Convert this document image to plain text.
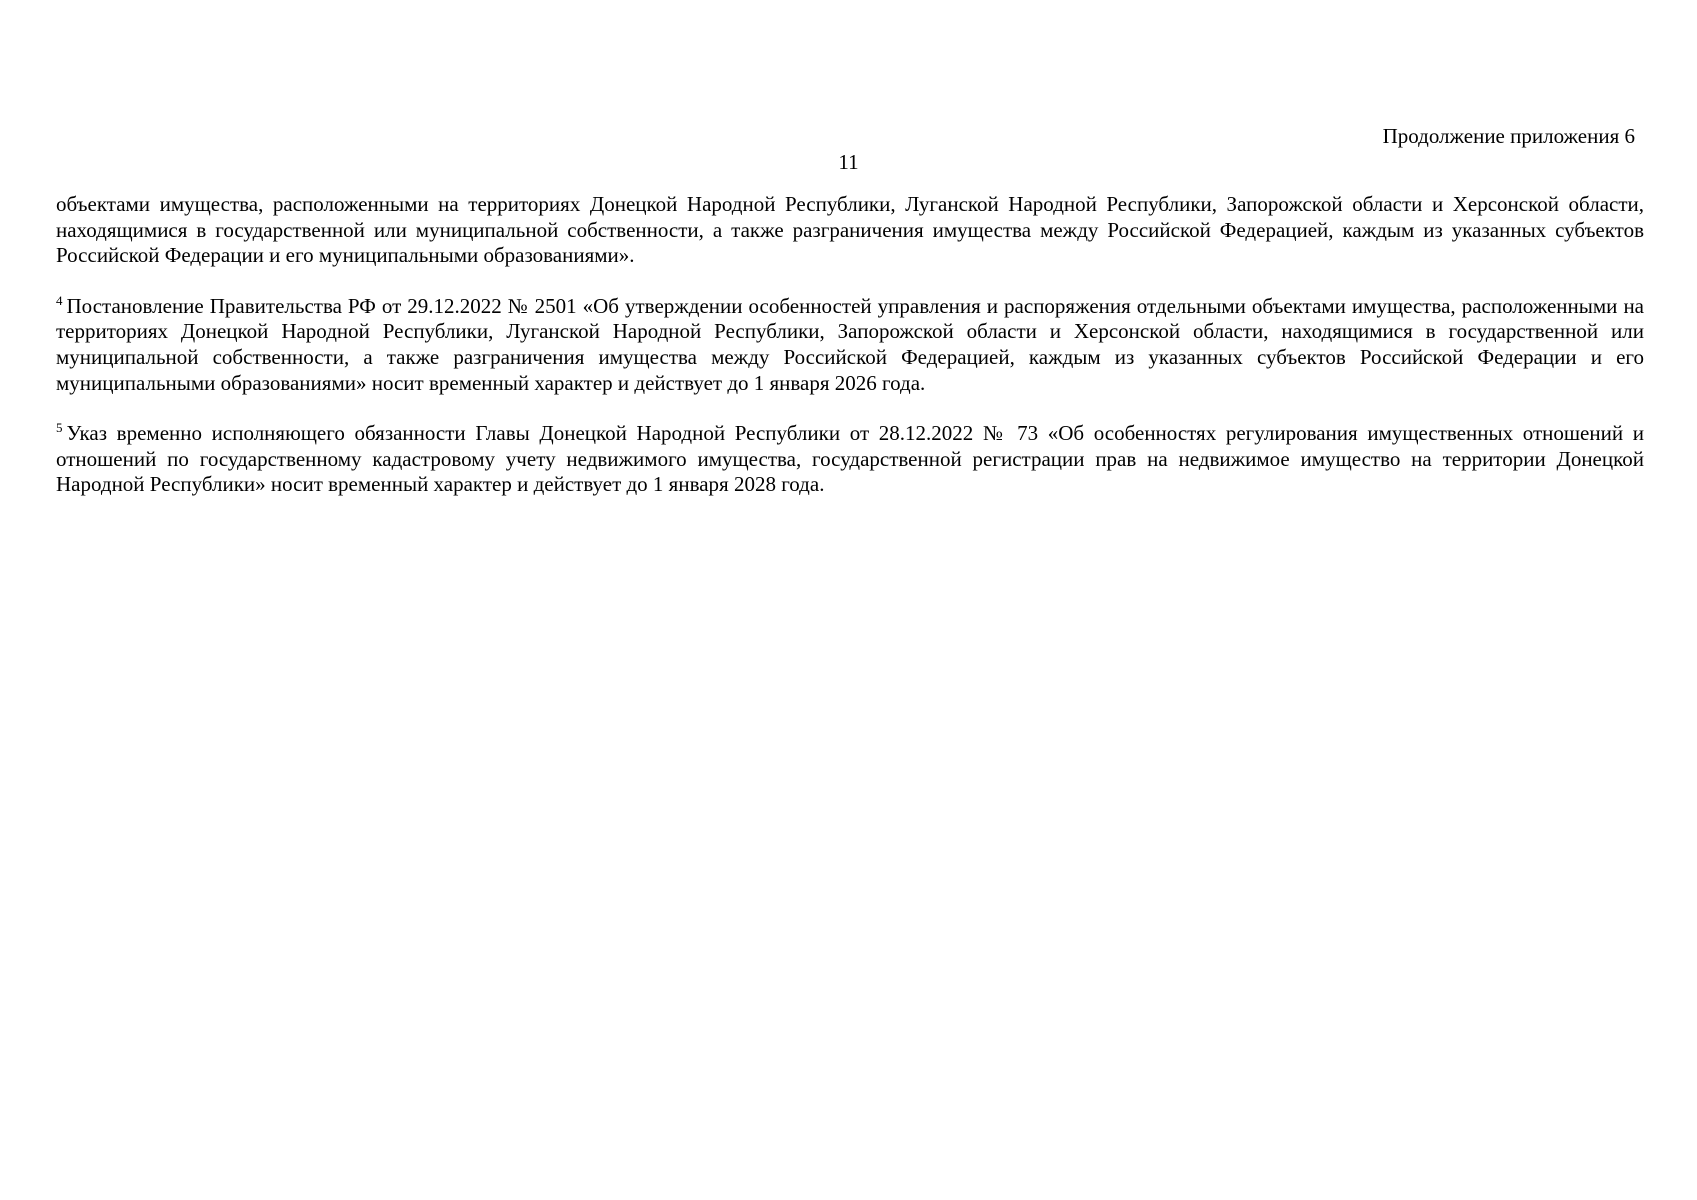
Продолжение приложения 6
11

объектами имущества, расположенными на территориях Донецкой Народной Республики, Луганской Народной Республики, Запорожской области и Херсонской области, находящимися в государственной или муниципальной собственности, а также разграничения имущества между Российской Федерацией, каждым из указанных субъектов Российской Федерации и его муниципальными образованиями».

$^4$ Постановление Правительства РФ от 29.12.2022 № 2501 «Об утверждении особенностей управления и распоряжения отдельными объектами имущества, расположенными на территориях Донецкой Народной Республики, Луганской Народной Республики, Запорожской области и Херсонской области, находящимися в государственной или муниципальной собственности, а также разграничения имущества между Российской Федерацией, каждым из указанных субъектов Российской Федерации и его муниципальными образованиями» носит временный характер и действует до 1 января 2026 года.

$^5$ Указ временно исполняющего обязанности Главы Донецкой Народной Республики от 28.12.2022 № 73 «Об особенностях регулирования имущественных отношений и отношений по государственному кадастровому учету недвижимого имущества, государственной регистрации прав на недвижимое имущество на территории Донецкой Народной Республики» носит временный характер и действует до 1 января 2028 года.
